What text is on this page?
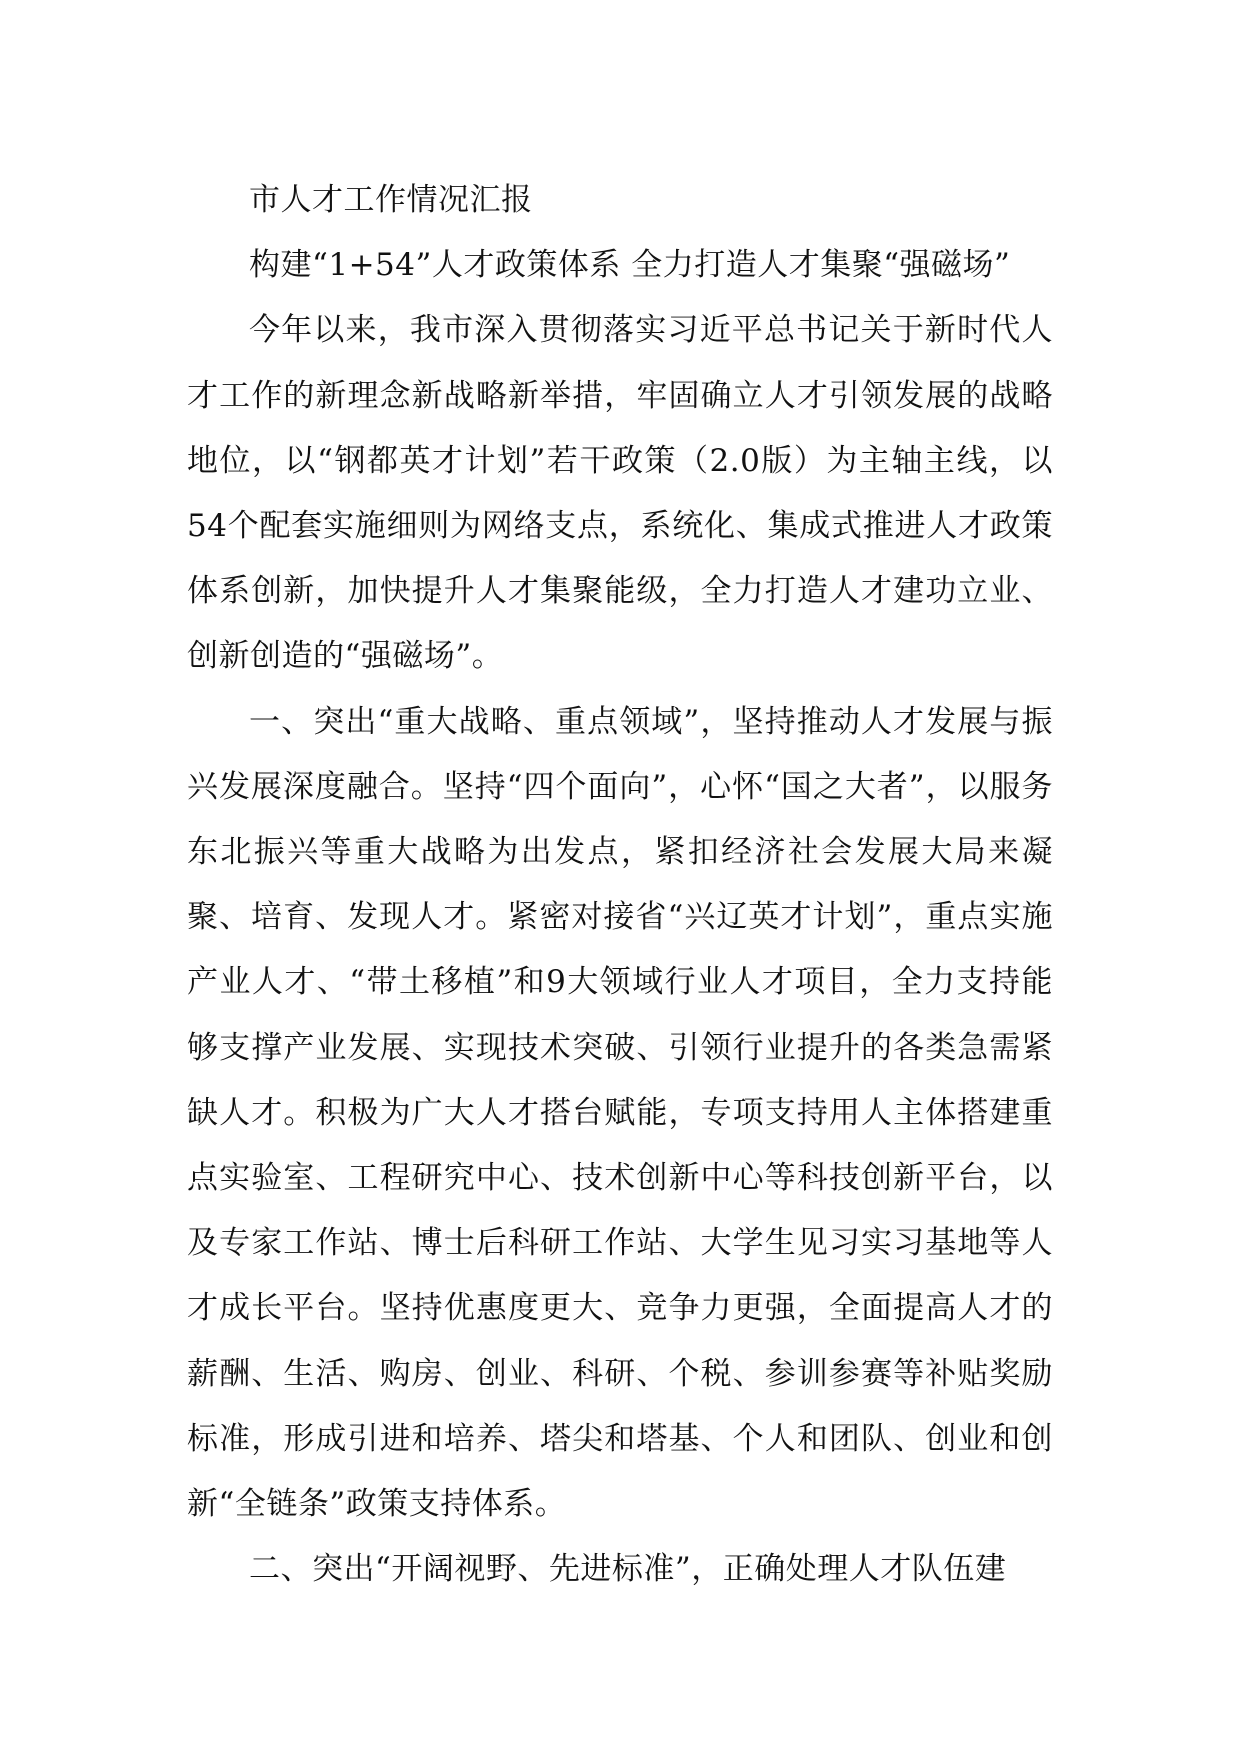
市人才工作情况汇报

构建“1+54”人才政策体系 全力打造人才集聚“强磁场”

今年以来，我市深入贯彻落实习近平总书记关于新时代人才工作的新理念新战略新举措，牢固确立人才引领发展的战略地位，以“钢都英才计划”若干政策（2.0版）为主轴主线，以54个配套实施细则为网络支点，系统化、集成式推进人才政策体系创新，加快提升人才集聚能级，全力打造人才建功立业、创新创造的“强磁场”。

一、突出“重大战略、重点领域”，坚持推动人才发展与振兴发展深度融合。坚持“四个面向”，心怀“国之大者”，以服务东北振兴等重大战略为出发点，紧扣经济社会发展大局来凝聚、培育、发现人才。紧密对接省“兴辽英才计划”，重点实施产业人才、“带土移植”和9大领域行业人才项目，全力支持能够支撑产业发展、实现技术突破、引领行业提升的各类急需紧缺人才。积极为广大人才搭台赋能，专项支持用人主体搭建重点实验室、工程研究中心、技术创新中心等科技创新平台，以及专家工作站、博士后科研工作站、大学生见习实习基地等人才成长平台。坚持优惠度更大、竞争力更强，全面提高人才的薪酬、生活、购房、创业、科研、个税、参训参赛等补贴奖励标准，形成引进和培养、塔尖和塔基、个人和团队、创业和创新“全链条”政策支持体系。

二、突出“开阔视野、先进标准”，正确处理人才队伍建
